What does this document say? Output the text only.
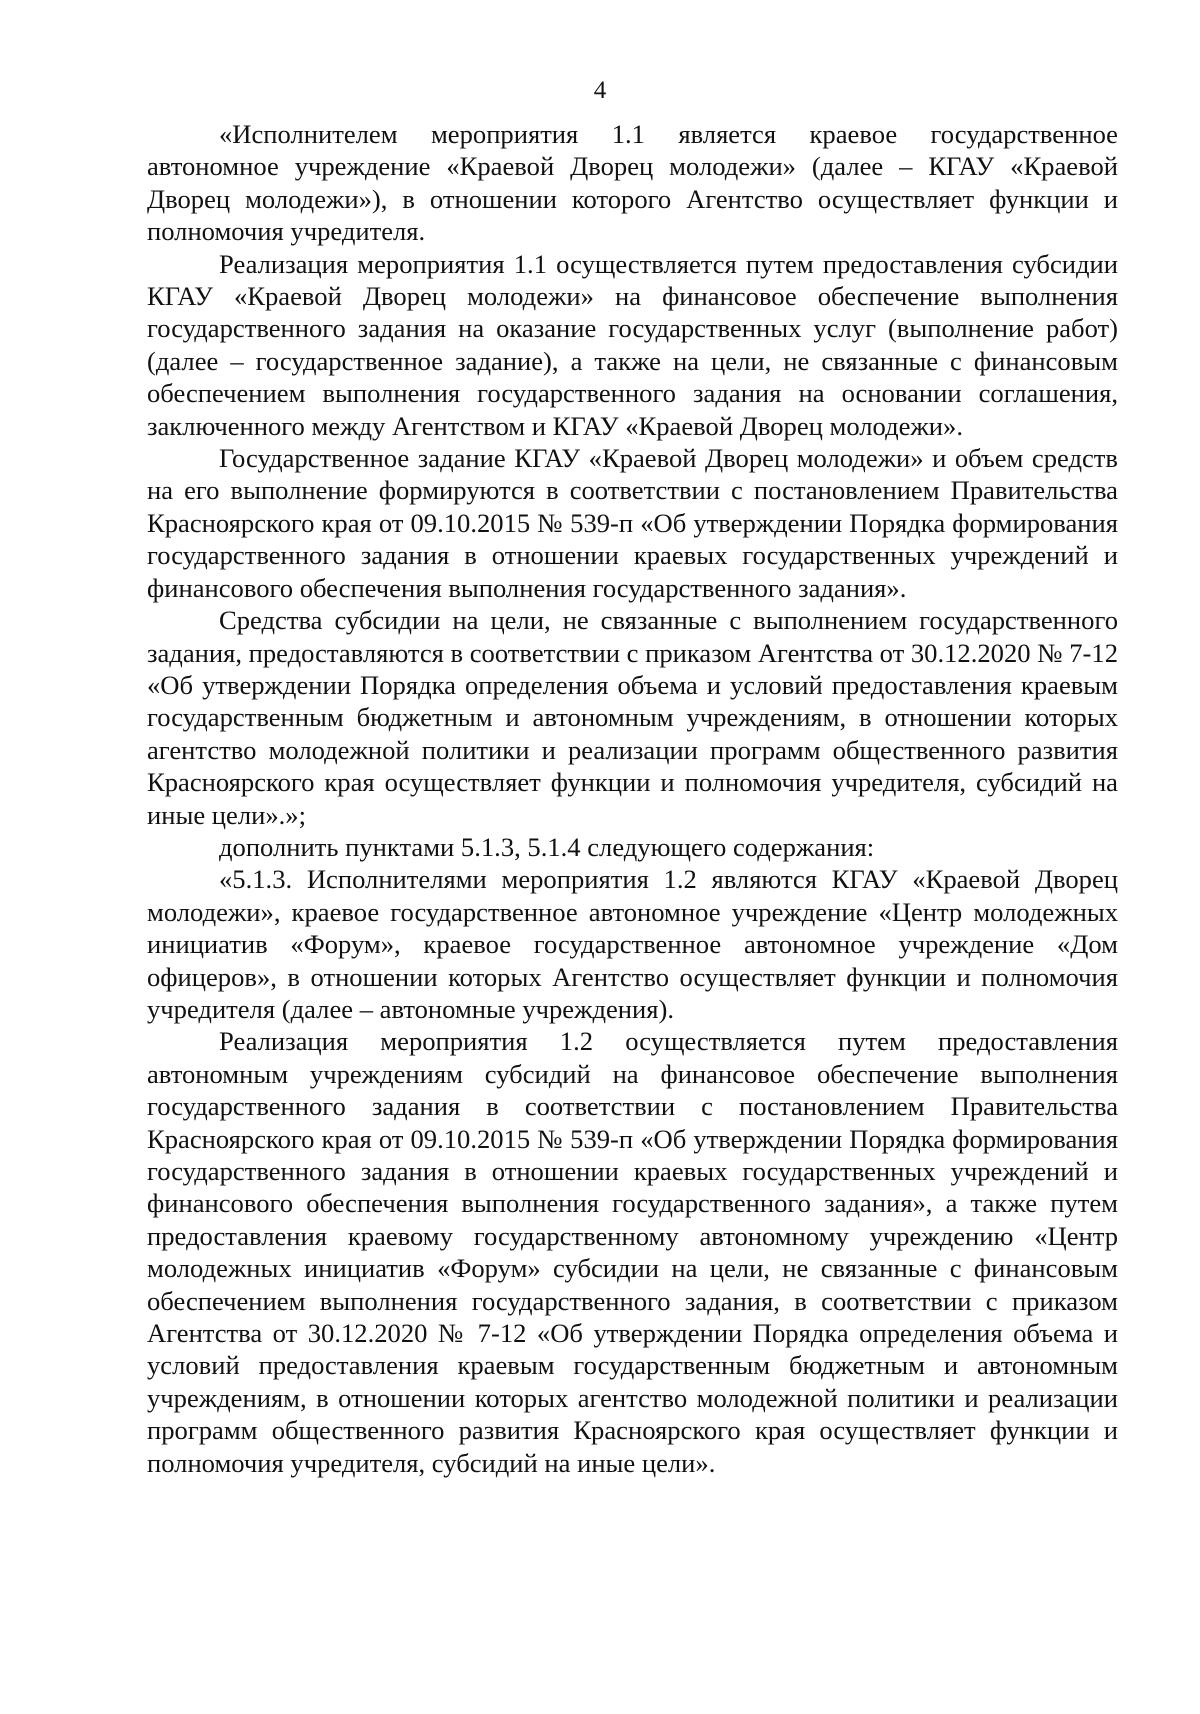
4

«Исполнителем мероприятия 1.1 является краевое государственное автономное учреждение «Краевой Дворец молодежи» (далее – КГАУ «Краевой Дворец молодежи»), в отношении которого Агентство осуществляет функции и полномочия учредителя.

Реализация мероприятия 1.1 осуществляется путем предоставления субсидии КГАУ «Краевой Дворец молодежи» на финансовое обеспечение выполнения государственного задания на оказание государственных услуг (выполнение работ) (далее – государственное задание), а также на цели, не связанные с финансовым обеспечением выполнения государственного задания на основании соглашения, заключенного между Агентством и КГАУ «Краевой Дворец молодежи».

Государственное задание КГАУ «Краевой Дворец молодежи» и объем средств на его выполнение формируются в соответствии с постановлением Правительства Красноярского края от 09.10.2015 № 539-п «Об утверждении Порядка формирования государственного задания в отношении краевых государственных учреждений и финансового обеспечения выполнения государственного задания».

Средства субсидии на цели, не связанные с выполнением государственного задания, предоставляются в соответствии с приказом Агентства от 30.12.2020 № 7-12 «Об утверждении Порядка определения объема и условий предоставления краевым государственным бюджетным и автономным учреждениям, в отношении которых агентство молодежной политики и реализации программ общественного развития Красноярского края осуществляет функции и полномочия учредителя, субсидий на иные цели».»;

дополнить пунктами 5.1.3, 5.1.4 следующего содержания:

«5.1.3. Исполнителями мероприятия 1.2 являются КГАУ «Краевой Дворец молодежи», краевое государственное автономное учреждение «Центр молодежных инициатив «Форум», краевое государственное автономное учреждение «Дом офицеров», в отношении которых Агентство осуществляет функции и полномочия учредителя (далее – автономные учреждения).

Реализация мероприятия 1.2 осуществляется путем предоставления автономным учреждениям субсидий на финансовое обеспечение выполнения государственного задания в соответствии с постановлением Правительства Красноярского края от 09.10.2015 № 539-п «Об утверждении Порядка формирования государственного задания в отношении краевых государственных учреждений и финансового обеспечения выполнения государственного задания», а также путем предоставления краевому государственному автономному учреждению «Центр молодежных инициатив «Форум» субсидии на цели, не связанные с финансовым обеспечением выполнения государственного задания, в соответствии с приказом Агентства от 30.12.2020 № 7-12 «Об утверждении Порядка определения объема и условий предоставления краевым государственным бюджетным и автономным учреждениям, в отношении которых агентство молодежной политики и реализации программ общественного развития Красноярского края осуществляет функции и полномочия учредителя, субсидий на иные цели».
